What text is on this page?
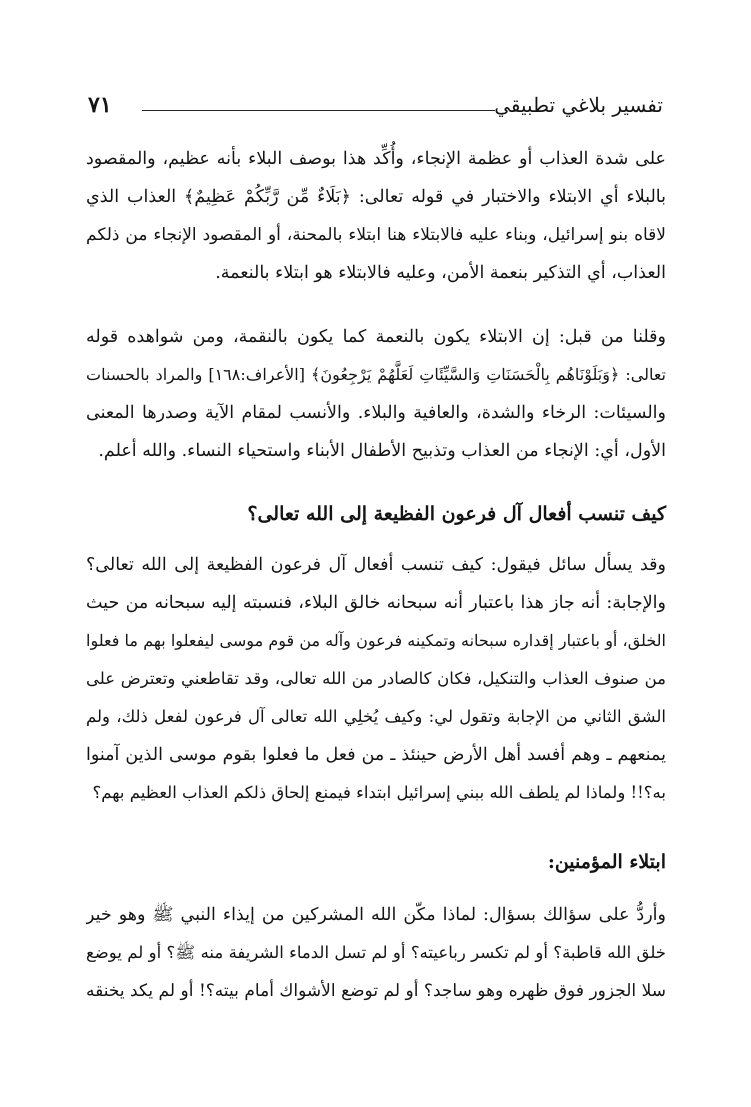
تفسير بلاغي تطبيقي
٧١
على شدة العذاب أو عظمة الإنجاء، وأُكِّد هذا بوصف البلاء بأنه عظيم، والمقصود
بالبلاء أي الابتلاء والاختبار في قوله تعالى: ﴿بَلَاءٌ مِّن رَّبِّكُمْ عَظِيمٌ﴾ العذاب الذي
لاقاه بنو إسرائيل، وبناء عليه فالابتلاء هنا ابتلاء بالمحنة، أو المقصود الإنجاء من ذلكم
العذاب، أي التذكير بنعمة الأمن، وعليه فالابتلاء هو ابتلاء بالنعمة.
وقلنا من قبل: إن الابتلاء يكون بالنعمة كما يكون بالنقمة، ومن شواهده قوله
تعالى: ﴿وَبَلَوْنَاهُم بِالْحَسَنَاتِ وَالسَّيِّئَاتِ لَعَلَّهُمْ يَرْجِعُونَ﴾ [الأعراف:١٦٨] والمراد بالحسنات
والسيئات: الرخاء والشدة، والعافية والبلاء. والأنسب لمقام الآية وصدرها المعنى
الأول، أي: الإنجاء من العذاب وتذبيح الأطفال الأبناء واستحياء النساء. والله أعلم.
كيف تنسب أفعال آل فرعون الفظيعة إلى الله تعالى؟
وقد يسأل سائل فيقول: كيف تنسب أفعال آل فرعون الفظيعة إلى الله تعالى؟
والإجابة: أنه جاز هذا باعتبار أنه سبحانه خالق البلاء، فنسبته إليه سبحانه من حيث
الخلق، أو باعتبار إقداره سبحانه وتمكينه فرعون وآله من قوم موسى ليفعلوا بهم ما فعلوا
من صنوف العذاب والتنكيل، فكان كالصادر من الله تعالى، وقد تقاطعني وتعترض على
الشق الثاني من الإجابة وتقول لي: وكيف يُخلِي الله تعالى آل فرعون لفعل ذلك، ولم
يمنعهم ـ وهم أفسد أهل الأرض حينئذ ـ من فعل ما فعلوا بقوم موسى الذين آمنوا
به؟!! ولماذا لم يلطف الله ببني إسرائيل ابتداء فيمنع إلحاق ذلكم العذاب العظيم بهم؟
ابتلاء المؤمنين:
وأردُّ على سؤالك بسؤال: لماذا مكّن الله المشركين من إيذاء النبي ﷺ وهو خير
خلق الله قاطبة؟ أو لم تكسر رباعيته؟ أو لم تسل الدماء الشريفة منه ﷺ؟ أو لم يوضع
سلا الجزور فوق ظهره وهو ساجد؟ أو لم توضع الأشواك أمام بيته؟! أو لم يكد يخنقه
